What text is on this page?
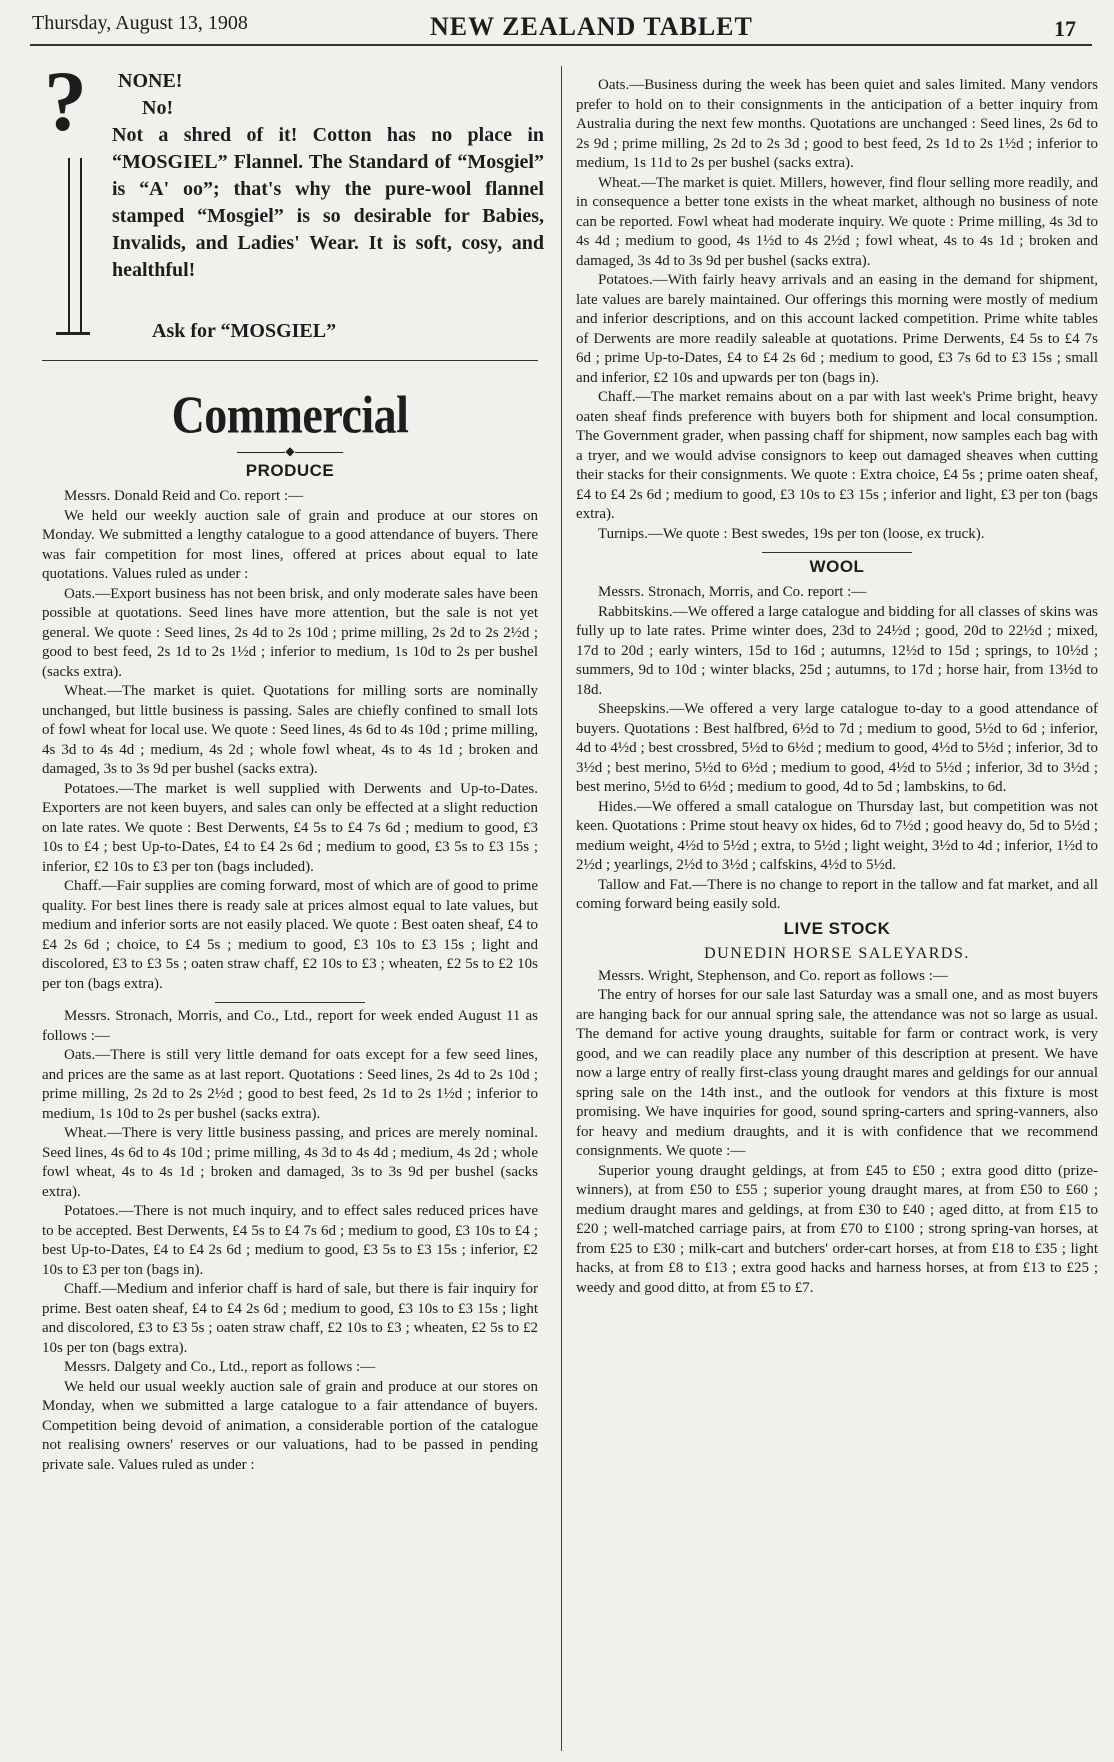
Thursday, August 13, 1908	NEW ZEALAND TABLET	17
?	NONE!
No!
Not a shred of it! Cotton has no place in “MOSGIEL” Flannel. The Standard of “Mosgiel” is “A' oo”; that's why the pure-wool flannel stamped “Mosgiel” is so desirable for Babies, Invalids, and Ladies' Wear. It is soft, cosy, and healthful!
Ask for “MOSGIEL”
Commercial
◆
PRODUCE

Messrs. Donald Reid and Co. report :—

We held our weekly auction sale of grain and produce at our stores on Monday. We submitted a lengthy catalogue to a good attendance of buyers. There was fair competition for most lines, offered at prices about equal to late quotations. Values ruled as under :

Oats.—Export business has not been brisk, and only moderate sales have been possible at quotations. Seed lines have more attention, but the sale is not yet general. We quote : Seed lines, 2s 4d to 2s 10d ; prime milling, 2s 2d to 2s 2½d ; good to best feed, 2s 1d to 2s 1½d ; inferior to medium, 1s 10d to 2s per bushel (sacks extra).

Wheat.—The market is quiet. Quotations for milling sorts are nominally unchanged, but little business is passing. Sales are chiefly confined to small lots of fowl wheat for local use. We quote : Seed lines, 4s 6d to 4s 10d ; prime milling, 4s 3d to 4s 4d ; medium, 4s 2d ; whole fowl wheat, 4s to 4s 1d ; broken and damaged, 3s to 3s 9d per bushel (sacks extra).

Potatoes.—The market is well supplied with Derwents and Up-to-Dates. Exporters are not keen buyers, and sales can only be effected at a slight reduction on late rates. We quote : Best Derwents, £4 5s to £4 7s 6d ; medium to good, £3 10s to £4 ; best Up-to-Dates, £4 to £4 2s 6d ; medium to good, £3 5s to £3 15s ; inferior, £2 10s to £3 per ton (bags included).

Chaff.—Fair supplies are coming forward, most of which are of good to prime quality. For best lines there is ready sale at prices almost equal to late values, but medium and inferior sorts are not easily placed. We quote : Best oaten sheaf, £4 to £4 2s 6d ; choice, to £4 5s ; medium to good, £3 10s to £3 15s ; light and discolored, £3 to £3 5s ; oaten straw chaff, £2 10s to £3 ; wheaten, £2 5s to £2 10s per ton (bags extra).

Messrs. Stronach, Morris, and Co., Ltd., report for week ended August 11 as follows :—

Oats.—There is still very little demand for oats except for a few seed lines, and prices are the same as at last report. Quotations : Seed lines, 2s 4d to 2s 10d ; prime milling, 2s 2d to 2s 2½d ; good to best feed, 2s 1d to 2s 1½d ; inferior to medium, 1s 10d to 2s per bushel (sacks extra).

Wheat.—There is very little business passing, and prices are merely nominal. Seed lines, 4s 6d to 4s 10d ; prime milling, 4s 3d to 4s 4d ; medium, 4s 2d ; whole fowl wheat, 4s to 4s 1d ; broken and damaged, 3s to 3s 9d per bushel (sacks extra).

Potatoes.—There is not much inquiry, and to effect sales reduced prices have to be accepted. Best Derwents, £4 5s to £4 7s 6d ; medium to good, £3 10s to £4 ; best Up-to-Dates, £4 to £4 2s 6d ; medium to good, £3 5s to £3 15s ; inferior, £2 10s to £3 per ton (bags in).

Chaff.—Medium and inferior chaff is hard of sale, but there is fair inquiry for prime. Best oaten sheaf, £4 to £4 2s 6d ; medium to good, £3 10s to £3 15s ; light and discolored, £3 to £3 5s ; oaten straw chaff, £2 10s to £3 ; wheaten, £2 5s to £2 10s per ton (bags extra).

Messrs. Dalgety and Co., Ltd., report as follows :—

We held our usual weekly auction sale of grain and produce at our stores on Monday, when we submitted a large catalogue to a fair attendance of buyers. Competition being devoid of animation, a considerable portion of the catalogue not realising owners' reserves or our valuations, had to be passed in pending private sale. Values ruled as under :

Oats.—Business during the week has been quiet and sales limited. Many vendors prefer to hold on to their consignments in the anticipation of a better inquiry from Australia during the next few months. Quotations are unchanged : Seed lines, 2s 6d to 2s 9d ; prime milling, 2s 2d to 2s 3d ; good to best feed, 2s 1d to 2s 1½d ; inferior to medium, 1s 11d to 2s per bushel (sacks extra).

Wheat.—The market is quiet. Millers, however, find flour selling more readily, and in consequence a better tone exists in the wheat market, although no business of note can be reported. Fowl wheat had moderate inquiry. We quote : Prime milling, 4s 3d to 4s 4d ; medium to good, 4s 1½d to 4s 2½d ; fowl wheat, 4s to 4s 1d ; broken and damaged, 3s 4d to 3s 9d per bushel (sacks extra).

Potatoes.—With fairly heavy arrivals and an easing in the demand for shipment, late values are barely maintained. Our offerings this morning were mostly of medium and inferior descriptions, and on this account lacked competition. Prime white tables of Derwents are more readily saleable at quotations. Prime Derwents, £4 5s to £4 7s 6d ; prime Up-to-Dates, £4 to £4 2s 6d ; medium to good, £3 7s 6d to £3 15s ; small and inferior, £2 10s and upwards per ton (bags in).

Chaff.—The market remains about on a par with last week's Prime bright, heavy oaten sheaf finds preference with buyers both for shipment and local consumption. The Government grader, when passing chaff for shipment, now samples each bag with a tryer, and we would advise consignors to keep out damaged sheaves when cutting their stacks for their consignments. We quote : Extra choice, £4 5s ; prime oaten sheaf, £4 to £4 2s 6d ; medium to good, £3 10s to £3 15s ; inferior and light, £3 per ton (bags extra).

Turnips.—We quote : Best swedes, 19s per ton (loose, ex truck).

WOOL

Messrs. Stronach, Morris, and Co. report :—

Rabbitskins.—We offered a large catalogue and bidding for all classes of skins was fully up to late rates. Prime winter does, 23d to 24½d ; good, 20d to 22½d ; mixed, 17d to 20d ; early winters, 15d to 16d ; autumns, 12½d to 15d ; springs, to 10½d ; summers, 9d to 10d ; winter blacks, 25d ; autumns, to 17d ; horse hair, from 13½d to 18d.

Sheepskins.—We offered a very large catalogue to-day to a good attendance of buyers. Quotations : Best halfbred, 6½d to 7d ; medium to good, 5½d to 6d ; inferior, 4d to 4½d ; best crossbred, 5½d to 6½d ; medium to good, 4½d to 5½d ; inferior, 3d to 3½d ; best merino, 5½d to 6½d ; medium to good, 4½d to 5½d ; inferior, 3d to 3½d ; best merino, 5½d to 6½d ; medium to good, 4d to 5d ; lambskins, to 6d.

Hides.—We offered a small catalogue on Thursday last, but competition was not keen. Quotations : Prime stout heavy ox hides, 6d to 7½d ; good heavy do, 5d to 5½d ; medium weight, 4½d to 5½d ; extra, to 5½d ; light weight, 3½d to 4d ; inferior, 1½d to 2½d ; yearlings, 2½d to 3½d ; calfskins, 4½d to 5½d.

Tallow and Fat.—There is no change to report in the tallow and fat market, and all coming forward being easily sold.

LIVE STOCK
DUNEDIN HORSE SALEYARDS.

Messrs. Wright, Stephenson, and Co. report as follows :—

The entry of horses for our sale last Saturday was a small one, and as most buyers are hanging back for our annual spring sale, the attendance was not so large as usual. The demand for active young draughts, suitable for farm or contract work, is very good, and we can readily place any number of this description at present. We have now a large entry of really first-class young draught mares and geldings for our annual spring sale on the 14th inst., and the outlook for vendors at this fixture is most promising. We have inquiries for good, sound spring-carters and spring-vanners, also for heavy and medium draughts, and it is with confidence that we recommend consignments. We quote :—

Superior young draught geldings, at from £45 to £50 ; extra good ditto (prize-winners), at from £50 to £55 ; superior young draught mares, at from £50 to £60 ; medium draught mares and geldings, at from £30 to £40 ; aged ditto, at from £15 to £20 ; well-matched carriage pairs, at from £70 to £100 ; strong spring-van horses, at from £25 to £30 ; milk-cart and butchers' order-cart horses, at from £18 to £35 ; light hacks, at from £8 to £13 ; extra good hacks and harness horses, at from £13 to £25 ; weedy and good ditto, at from £5 to £7.
